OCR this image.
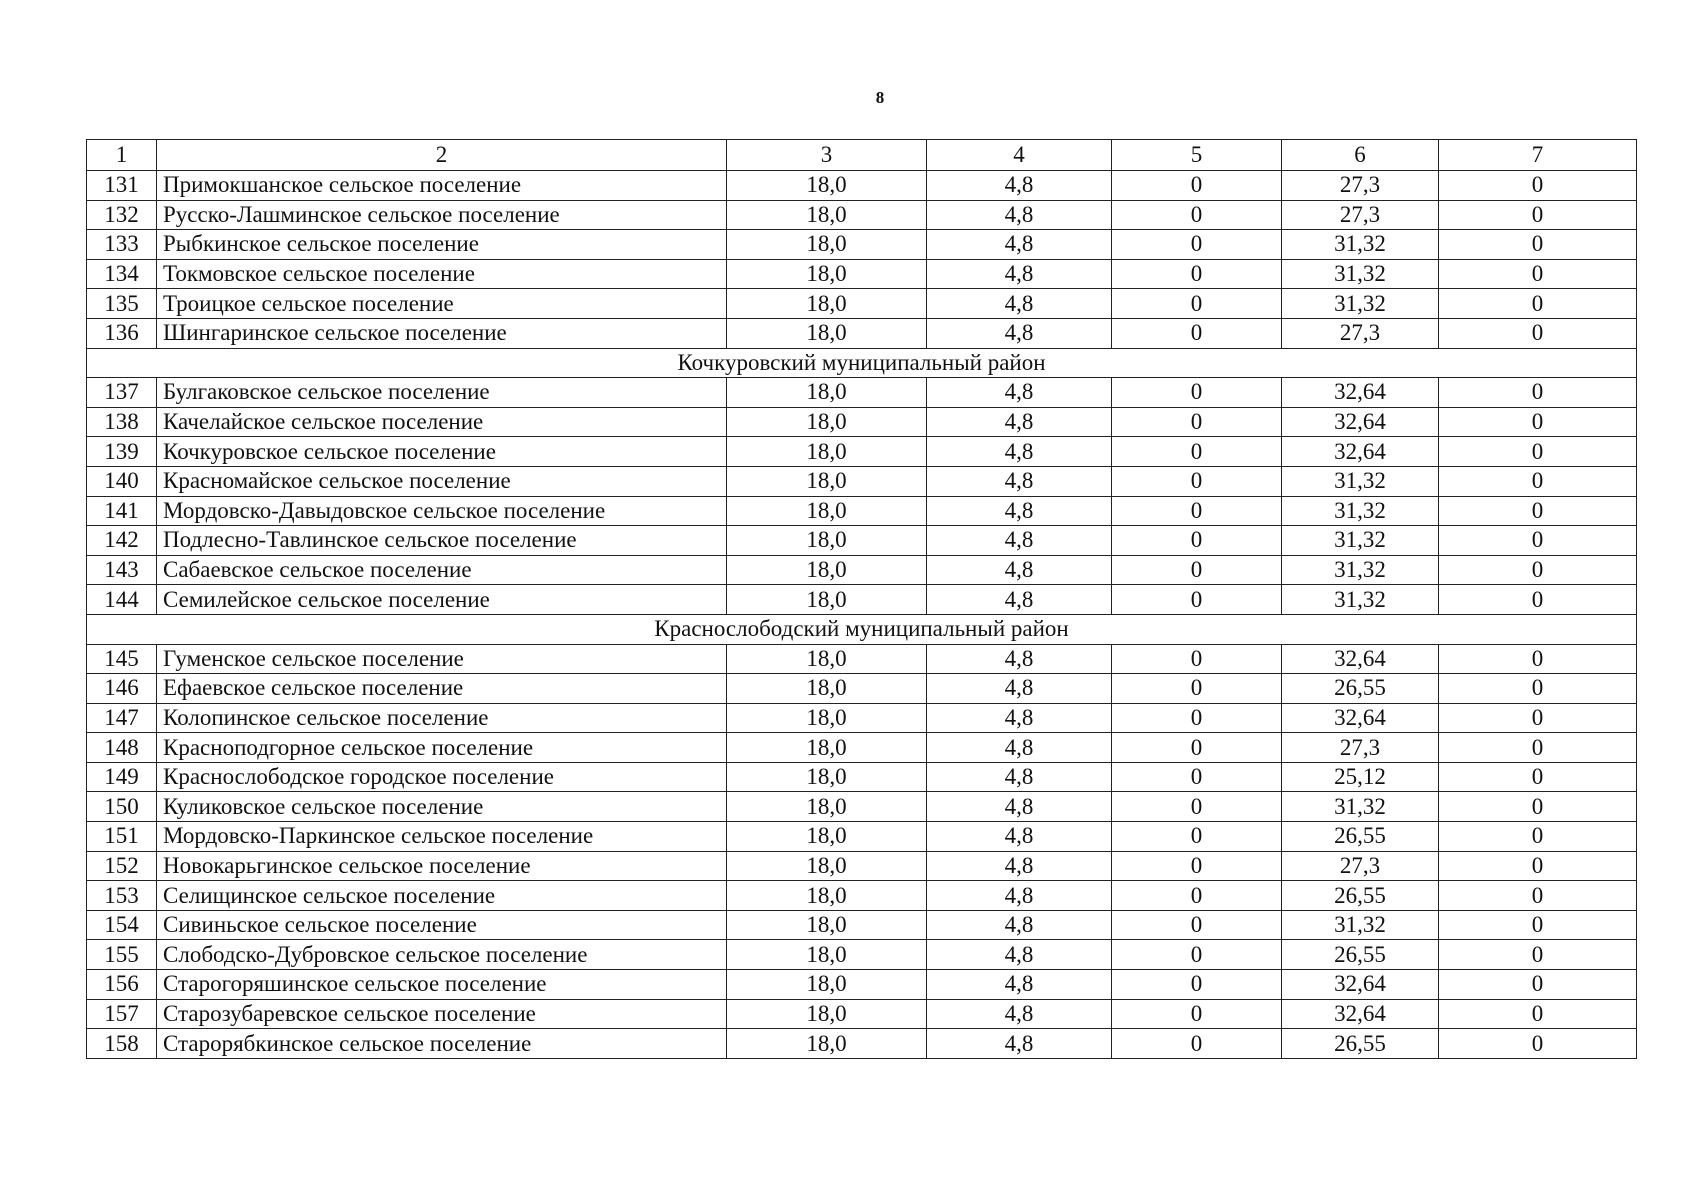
8
1	2	3	4	5	6	7
131	Примокшанское сельское поселение	18,0	4,8	0	27,3	0
132	Русско-Лашминское сельское поселение	18,0	4,8	0	27,3	0
133	Рыбкинское сельское поселение	18,0	4,8	0	31,32	0
134	Токмовское сельское поселение	18,0	4,8	0	31,32	0
135	Троицкое сельское поселение	18,0	4,8	0	31,32	0
136	Шингаринское сельское поселение	18,0	4,8	0	27,3	0
Кочкуровский муниципальный район						
137	Булгаковское сельское поселение	18,0	4,8	0	32,64	0
138	Качелайское сельское поселение	18,0	4,8	0	32,64	0
139	Кочкуровское сельское поселение	18,0	4,8	0	32,64	0
140	Красномайское сельское поселение	18,0	4,8	0	31,32	0
141	Мордовско-Давыдовское сельское поселение	18,0	4,8	0	31,32	0
142	Подлесно-Тавлинское сельское поселение	18,0	4,8	0	31,32	0
143	Сабаевское сельское поселение	18,0	4,8	0	31,32	0
144	Семилейское сельское поселение	18,0	4,8	0	31,32	0
Краснослободский муниципальный район						
145	Гуменское сельское поселение	18,0	4,8	0	32,64	0
146	Ефаевское сельское поселение	18,0	4,8	0	26,55	0
147	Колопинское сельское поселение	18,0	4,8	0	32,64	0
148	Красноподгорное сельское поселение	18,0	4,8	0	27,3	0
149	Краснослободское городское поселение	18,0	4,8	0	25,12	0
150	Куликовское сельское поселение	18,0	4,8	0	31,32	0
151	Мордовско-Паркинское сельское поселение	18,0	4,8	0	26,55	0
152	Новокарьгинское сельское поселение	18,0	4,8	0	27,3	0
153	Селищинское сельское поселение	18,0	4,8	0	26,55	0
154	Сивиньское сельское поселение	18,0	4,8	0	31,32	0
155	Слободско-Дубровское сельское поселение	18,0	4,8	0	26,55	0
156	Старогоряшинское сельское поселение	18,0	4,8	0	32,64	0
157	Старозубаревское сельское поселение	18,0	4,8	0	32,64	0
158	Старорябкинское сельское поселение	18,0	4,8	0	26,55	0
